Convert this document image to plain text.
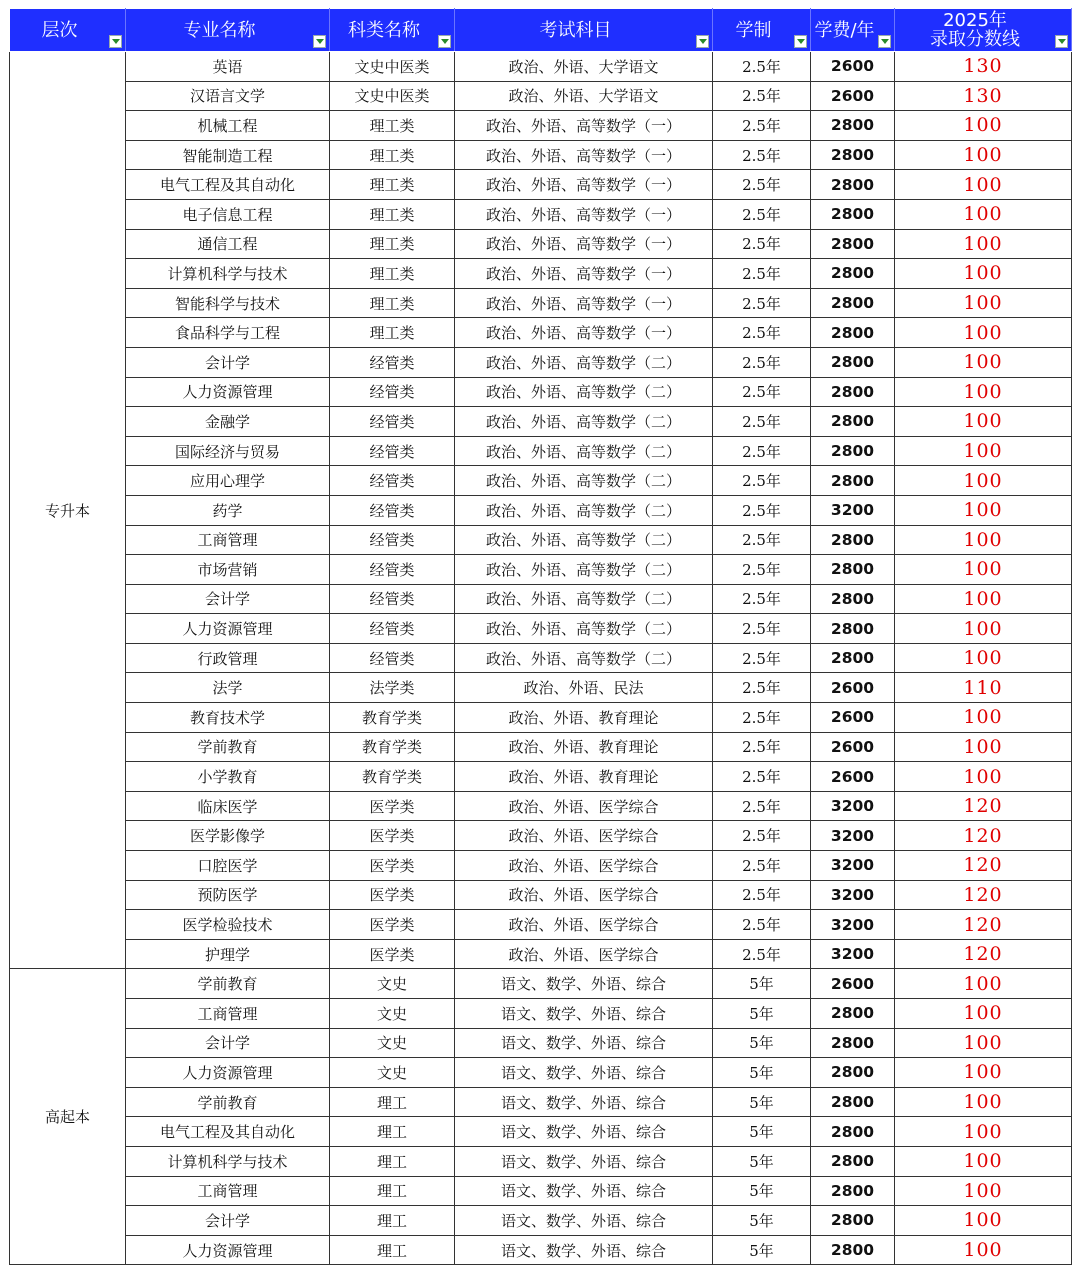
层次	专业名称	科类名称	考试科目	学制	学费/年	2025年
录取分数线

专升本	英语	文史中医类	政治、外语、大学语文	2.5年	2600	130
	汉语言文学	文史中医类	政治、外语、大学语文	2.5年	2600	130
	机械工程	理工类	政治、外语、高等数学（一）	2.5年	2800	100
	智能制造工程	理工类	政治、外语、高等数学（一）	2.5年	2800	100
	电气工程及其自动化	理工类	政治、外语、高等数学（一）	2.5年	2800	100
	电子信息工程	理工类	政治、外语、高等数学（一）	2.5年	2800	100
	通信工程	理工类	政治、外语、高等数学（一）	2.5年	2800	100
	计算机科学与技术	理工类	政治、外语、高等数学（一）	2.5年	2800	100
	智能科学与技术	理工类	政治、外语、高等数学（一）	2.5年	2800	100
	食品科学与工程	理工类	政治、外语、高等数学（一）	2.5年	2800	100
	会计学	经管类	政治、外语、高等数学（二）	2.5年	2800	100
	人力资源管理	经管类	政治、外语、高等数学（二）	2.5年	2800	100
	金融学	经管类	政治、外语、高等数学（二）	2.5年	2800	100
	国际经济与贸易	经管类	政治、外语、高等数学（二）	2.5年	2800	100
	应用心理学	经管类	政治、外语、高等数学（二）	2.5年	2800	100
	药学	经管类	政治、外语、高等数学（二）	2.5年	3200	100
	工商管理	经管类	政治、外语、高等数学（二）	2.5年	2800	100
	市场营销	经管类	政治、外语、高等数学（二）	2.5年	2800	100
	会计学	经管类	政治、外语、高等数学（二）	2.5年	2800	100
	人力资源管理	经管类	政治、外语、高等数学（二）	2.5年	2800	100
	行政管理	经管类	政治、外语、高等数学（二）	2.5年	2800	100
	法学	法学类	政治、外语、民法	2.5年	2600	110
	教育技术学	教育学类	政治、外语、教育理论	2.5年	2600	100
	学前教育	教育学类	政治、外语、教育理论	2.5年	2600	100
	小学教育	教育学类	政治、外语、教育理论	2.5年	2600	100
	临床医学	医学类	政治、外语、医学综合	2.5年	3200	120
	医学影像学	医学类	政治、外语、医学综合	2.5年	3200	120
	口腔医学	医学类	政治、外语、医学综合	2.5年	3200	120
	预防医学	医学类	政治、外语、医学综合	2.5年	3200	120
	医学检验技术	医学类	政治、外语、医学综合	2.5年	3200	120
	护理学	医学类	政治、外语、医学综合	2.5年	3200	120
高起本	学前教育	文史	语文、数学、外语、综合	5年	2600	100
	工商管理	文史	语文、数学、外语、综合	5年	2800	100
	会计学	文史	语文、数学、外语、综合	5年	2800	100
	人力资源管理	文史	语文、数学、外语、综合	5年	2800	100
	学前教育	理工	语文、数学、外语、综合	5年	2800	100
	电气工程及其自动化	理工	语文、数学、外语、综合	5年	2800	100
	计算机科学与技术	理工	语文、数学、外语、综合	5年	2800	100
	工商管理	理工	语文、数学、外语、综合	5年	2800	100
	会计学	理工	语文、数学、外语、综合	5年	2800	100
	人力资源管理	理工	语文、数学、外语、综合	5年	2800	100
